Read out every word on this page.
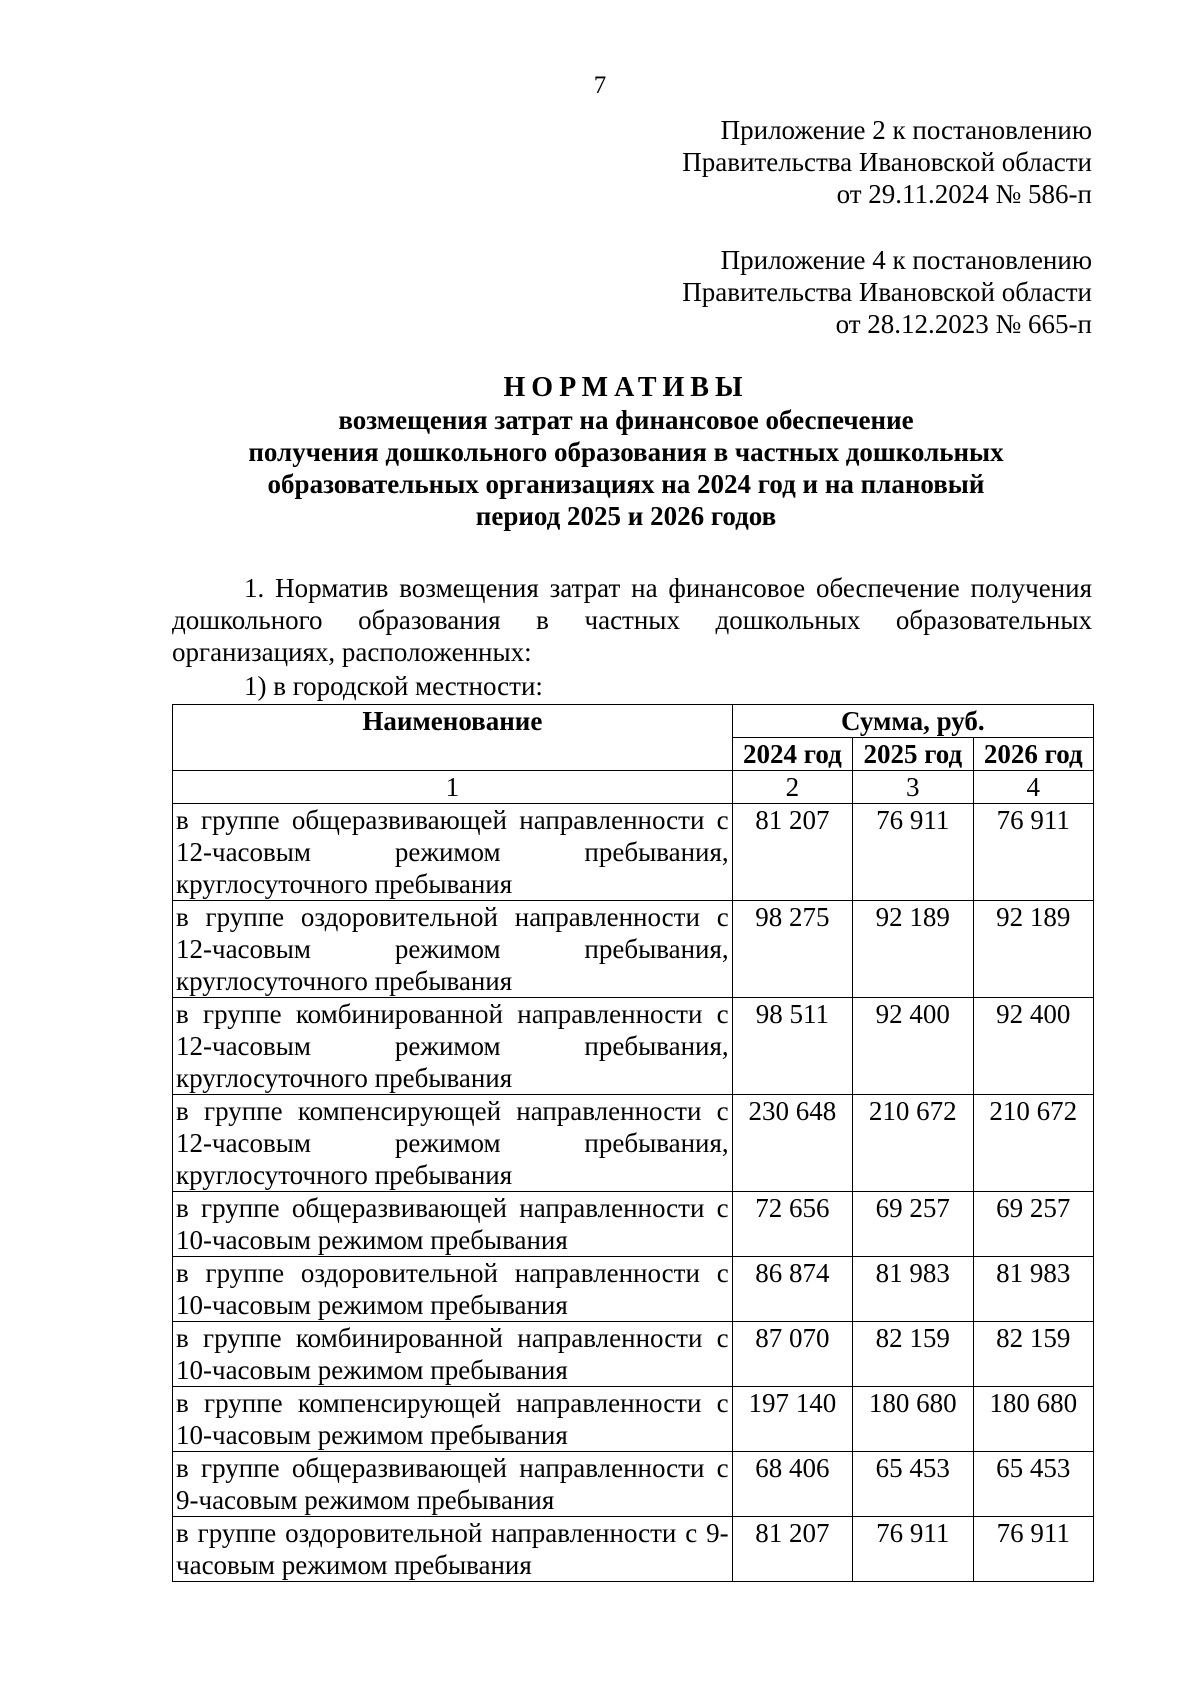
7
Приложение 2 к постановлению
Правительства Ивановской области
от 29.11.2024 № 586-п
Приложение 4 к постановлению
Правительства Ивановской области
от 28.12.2023 № 665-п
НОРМАТИВЫ
возмещения затрат на финансовое обеспечение
получения дошкольного образования в частных дошкольных
образовательных организациях на 2024 год и на плановый
период 2025 и 2026 годов
1. Норматив возмещения затрат на финансовое обеспечение получения дошкольного образования в частных дошкольных образовательных организациях, расположенных:
1) в городской местности:
Наименование	Сумма, руб.		
	2024 год	2025 год	2026 год
1	2	3	4
в группе общеразвивающей направленности с 12-часовым режимом пребывания, круглосуточного пребывания	81 207	76 911	76 911
в группе оздоровительной направленности с 12-часовым режимом пребывания, круглосуточного пребывания	98 275	92 189	92 189
в группе комбинированной направленности с 12-часовым режимом пребывания, круглосуточного пребывания	98 511	92 400	92 400
в группе компенсирующей направленности с 12-часовым режимом пребывания, круглосуточного пребывания	230 648	210 672	210 672
в группе общеразвивающей направленности с 10-часовым режимом пребывания	72 656	69 257	69 257
в группе оздоровительной направленности с 10-часовым режимом пребывания	86 874	81 983	81 983
в группе комбинированной направленности с 10-часовым режимом пребывания	87 070	82 159	82 159
в группе компенсирующей направленности с 10-часовым режимом пребывания	197 140	180 680	180 680
в группе общеразвивающей направленности с 9-часовым режимом пребывания	68 406	65 453	65 453
в группе оздоровительной направленности с 9-часовым режимом пребывания	81 207	76 911	76 911
